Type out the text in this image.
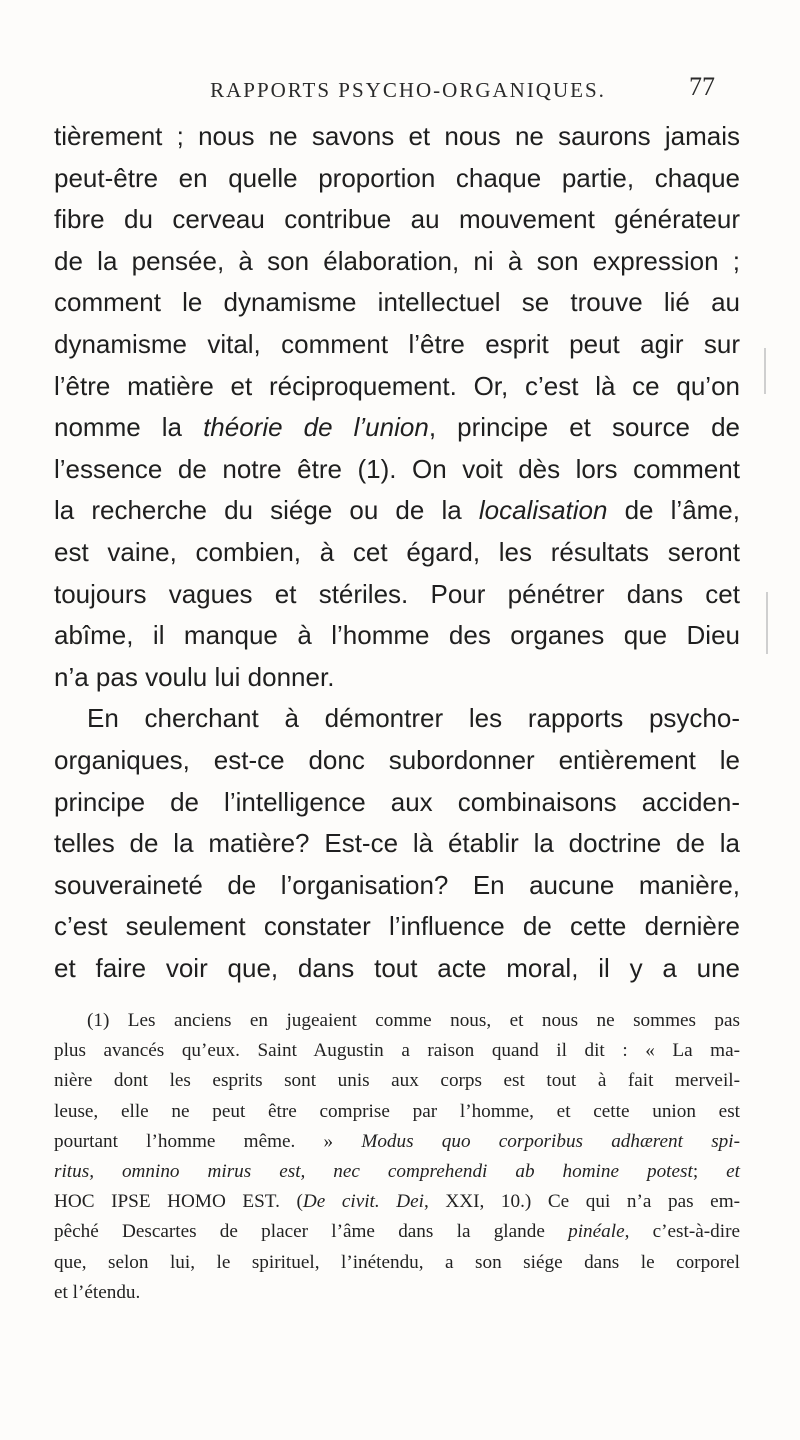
RAPPORTS PSYCHO-ORGANIQUES.	77
tièrement ; nous ne savons et nous ne saurons jamais
peut-être en quelle proportion chaque partie, chaque
fibre du cerveau contribue au mouvement générateur
de la pensée, à son élaboration, ni à son expression ;
comment le dynamisme intellectuel se trouve lié au
dynamisme vital, comment l’être esprit peut agir sur
l’être matière et réciproquement. Or, c’est là ce qu’on
nomme la théorie de l’union, principe et source de
l’essence de notre être (1). On voit dès lors comment
la recherche du siége ou de la localisation de l’âme,
est vaine, combien, à cet égard, les résultats seront
toujours vagues et stériles. Pour pénétrer dans cet
abîme, il manque à l’homme des organes que Dieu
n’a pas voulu lui donner.
En cherchant à démontrer les rapports psycho-
organiques, est-ce donc subordonner entièrement le
principe de l’intelligence aux combinaisons acciden-
telles de la matière? Est-ce là établir la doctrine de la
souveraineté de l’organisation? En aucune manière,
c’est seulement constater l’influence de cette dernière
et faire voir que, dans tout acte moral, il y a une
(1) Les anciens en jugeaient comme nous, et nous ne sommes pas
plus avancés qu’eux. Saint Augustin a raison quand il dit : « La ma-
nière dont les esprits sont unis aux corps est tout à fait merveil-
leuse, elle ne peut être comprise par l’homme, et cette union est
pourtant l’homme même. » Modus quo corporibus adhærent spi-
ritus, omnino mirus est, nec comprehendi ab homine potest; et
HOC IPSE HOMO EST. (De civit. Dei, XXI, 10.) Ce qui n’a pas em-
pêché Descartes de placer l’âme dans la glande pinéale, c’est-à-dire
que, selon lui, le spirituel, l’inétendu, a son siége dans le corporel
et l’étendu.
